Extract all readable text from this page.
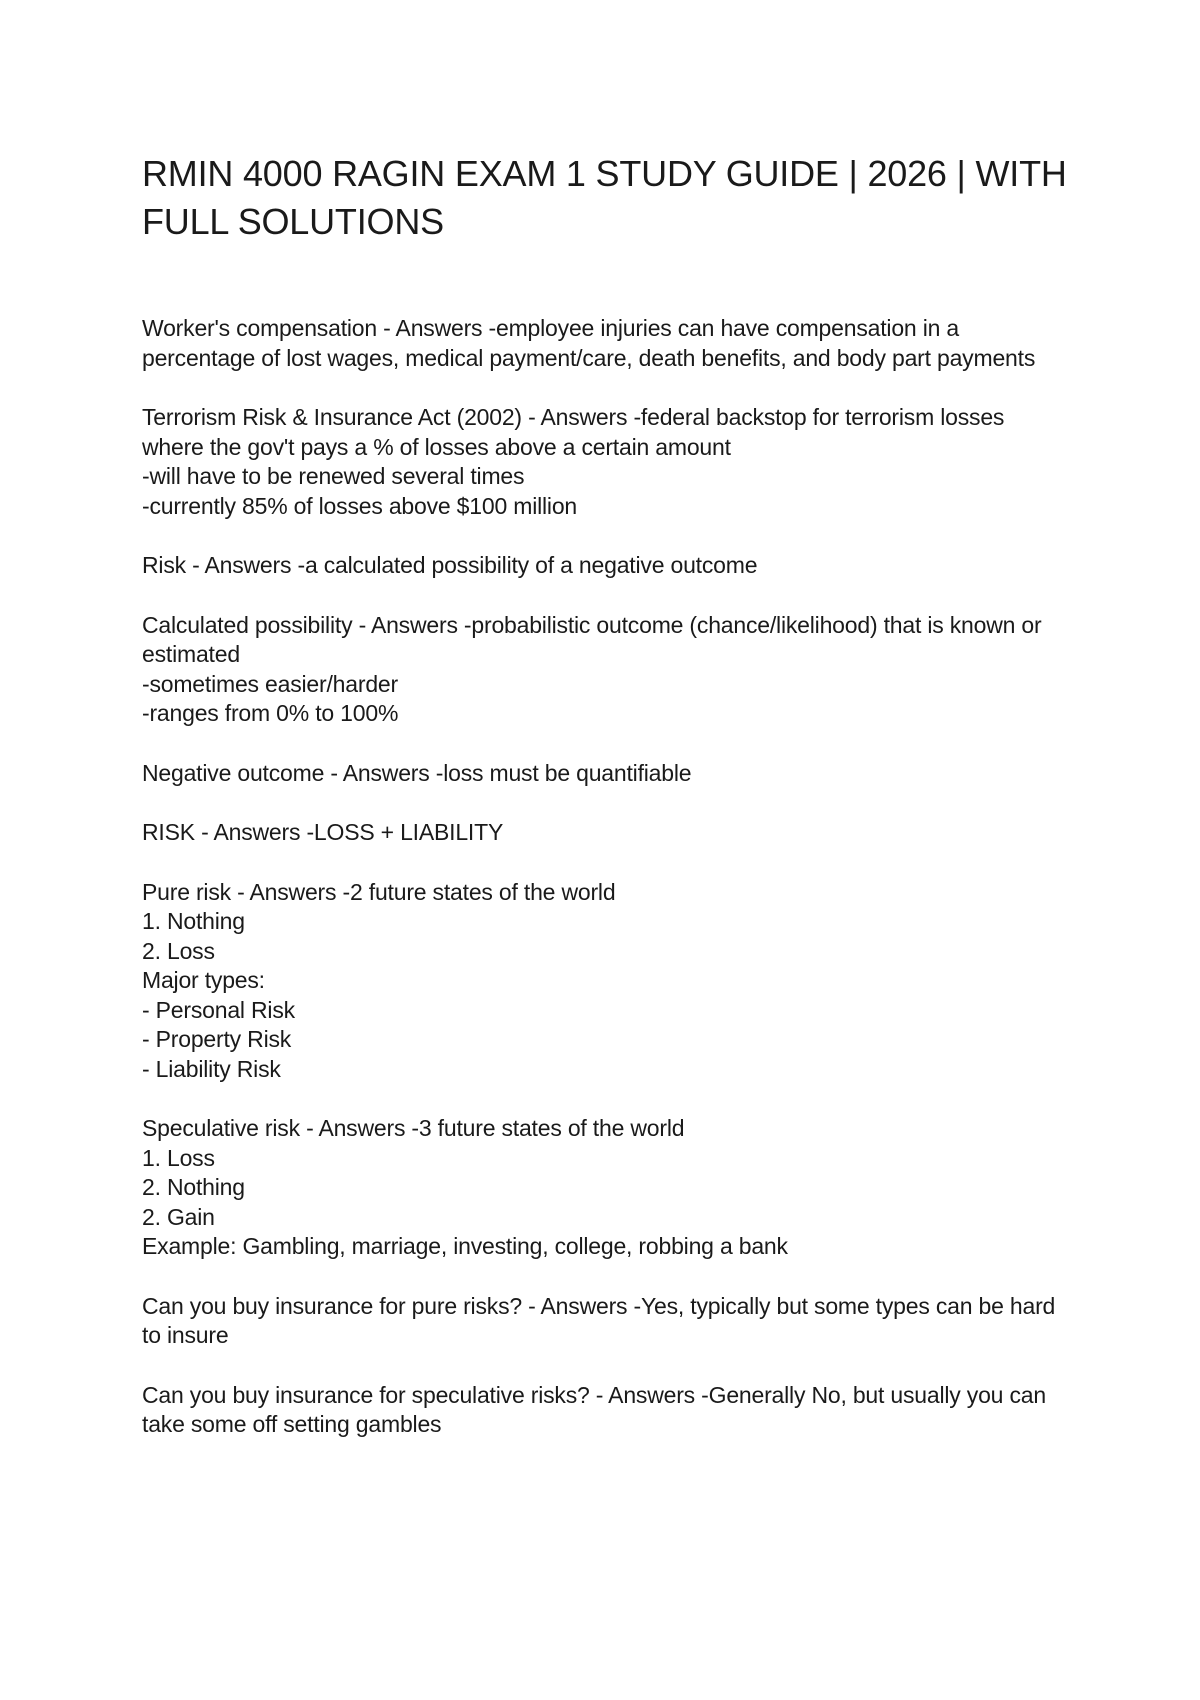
RMIN 4000 RAGIN EXAM 1 STUDY GUIDE | 2026 | WITH FULL SOLUTIONS
Worker's compensation - Answers -employee injuries can have compensation in a percentage of lost wages, medical payment/care, death benefits, and body part payments
Terrorism Risk & Insurance Act (2002) - Answers -federal backstop for terrorism losses where the gov't pays a % of losses above a certain amount
-will have to be renewed several times
-currently 85% of losses above $100 million
Risk - Answers -a calculated possibility of a negative outcome
Calculated possibility - Answers -probabilistic outcome (chance/likelihood) that is known or estimated
-sometimes easier/harder
-ranges from 0% to 100%
Negative outcome - Answers -loss must be quantifiable
RISK - Answers -LOSS + LIABILITY
Pure risk - Answers -2 future states of the world
1. Nothing
2. Loss
Major types:
- Personal Risk
- Property Risk
- Liability Risk
Speculative risk - Answers -3 future states of the world
1. Loss
2. Nothing
2. Gain
Example: Gambling, marriage, investing, college, robbing a bank
Can you buy insurance for pure risks? - Answers -Yes, typically but some types can be hard to insure
Can you buy insurance for speculative risks? - Answers -Generally No, but usually you can take some off setting gambles
